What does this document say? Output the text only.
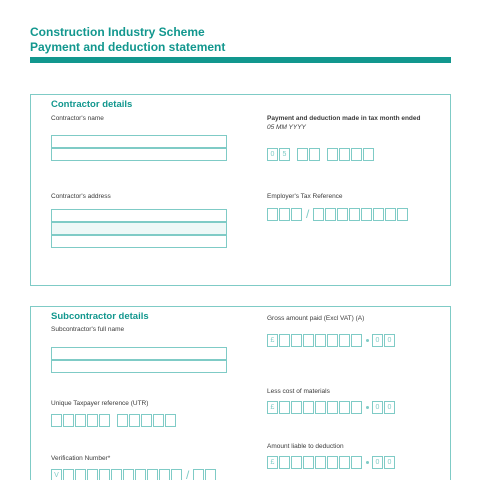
Construction Industry Scheme
Payment and deduction statement
Contractor details
Contractor's name	Payment and deduction made in tax month ended
05 MM YYYY
0	5
Contractor's address	Employer's Tax Reference
/
Subcontractor details
Subcontractor's full name
Unique Taxpayer reference (UTR)
Verification Number*
V	/
Gross amount paid (Excl VAT) (A)
£	0	0
Less cost of materials
£	0	0
Amount liable to deduction
£	0	0
